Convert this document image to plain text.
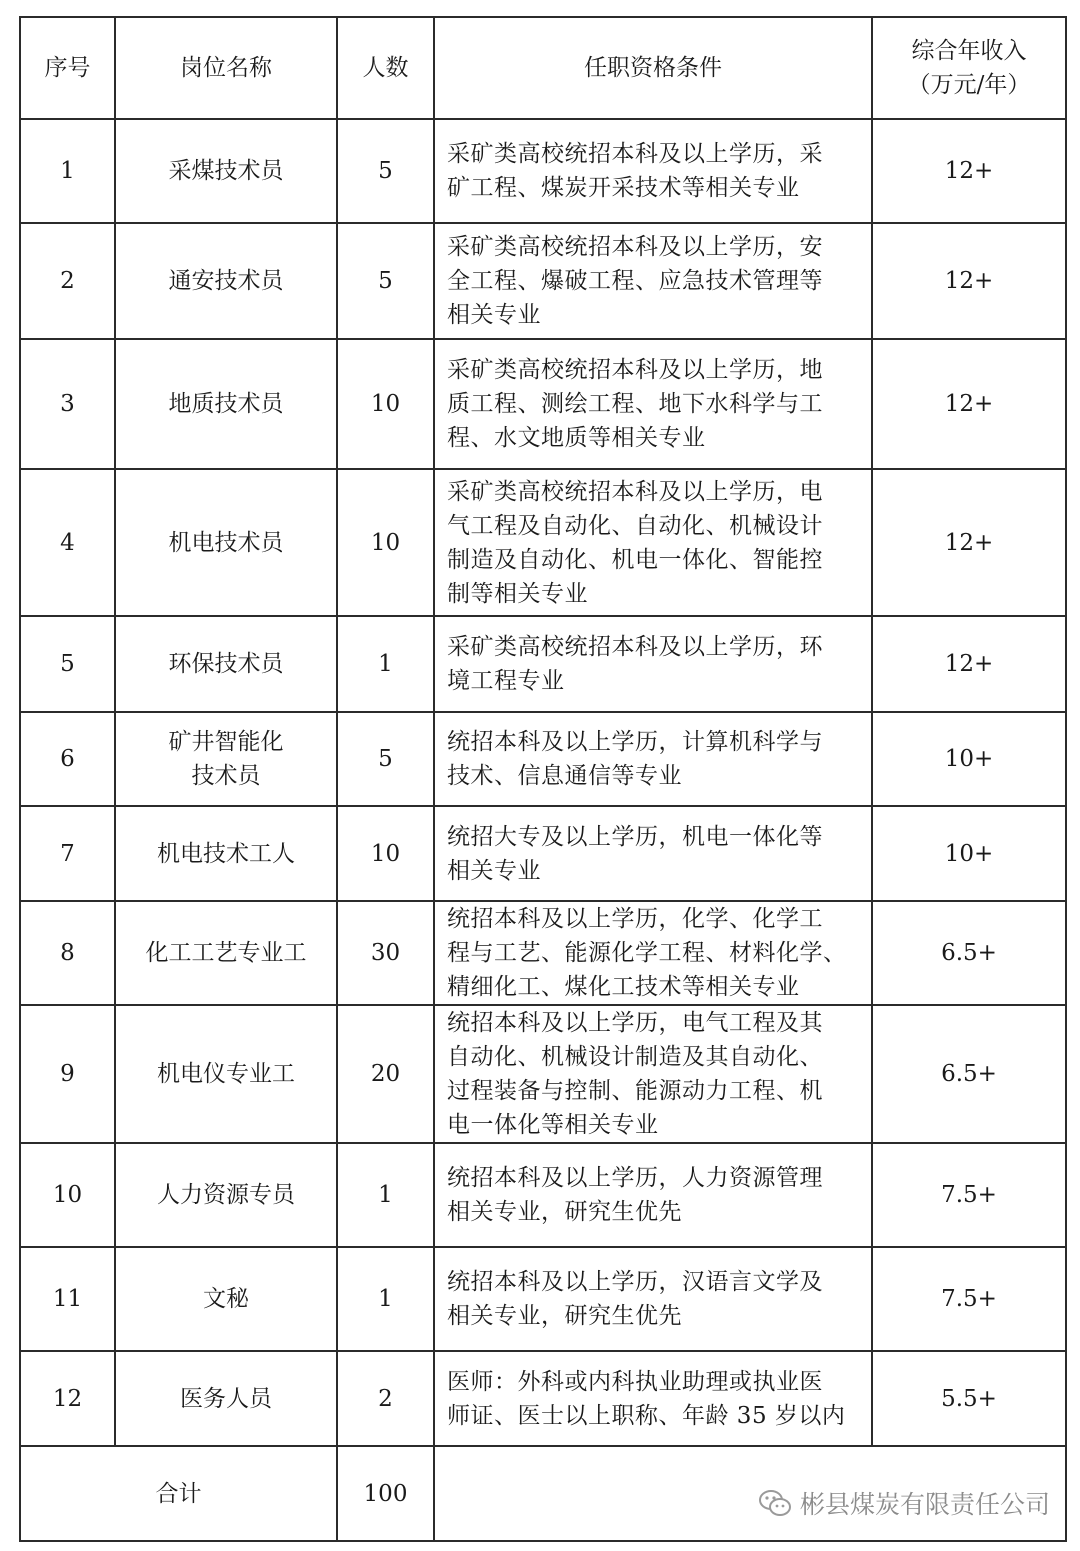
序号	岗位名称	人数	任职资格条件	综合年收入
（万元/年）
1	采煤技术员	5	采矿类高校统招本科及以上学历，采
矿工程、煤炭开采技术等相关专业	12+
2	通安技术员	5	采矿类高校统招本科及以上学历，安
全工程、爆破工程、应急技术管理等
相关专业	12+
3	地质技术员	10	采矿类高校统招本科及以上学历，地
质工程、测绘工程、地下水科学与工
程、水文地质等相关专业	12+
4	机电技术员	10	采矿类高校统招本科及以上学历，电
气工程及自动化、自动化、机械设计
制造及自动化、机电一体化、智能控
制等相关专业	12+
5	环保技术员	1	采矿类高校统招本科及以上学历，环
境工程专业	12+
6	矿井智能化
技术员	5	统招本科及以上学历，计算机科学与
技术、信息通信等专业	10+
7	机电技术工人	10	统招大专及以上学历，机电一体化等
相关专业	10+
8	化工工艺专业工	30	统招本科及以上学历，化学、化学工
程与工艺、能源化学工程、材料化学、
精细化工、煤化工技术等相关专业	6.5+
9	机电仪专业工	20	统招本科及以上学历，电气工程及其
自动化、机械设计制造及其自动化、
过程装备与控制、能源动力工程、机
电一体化等相关专业	6.5+
10	人力资源专员	1	统招本科及以上学历，人力资源管理
相关专业，研究生优先	7.5+
11	文秘	1	统招本科及以上学历，汉语言文学及
相关专业，研究生优先	7.5+
12	医务人员	2	医师：外科或内科执业助理或执业医
师证、医士以上职称、年龄 35 岁以内	5.5+
合计		100			彬县煤炭有限责任公司
